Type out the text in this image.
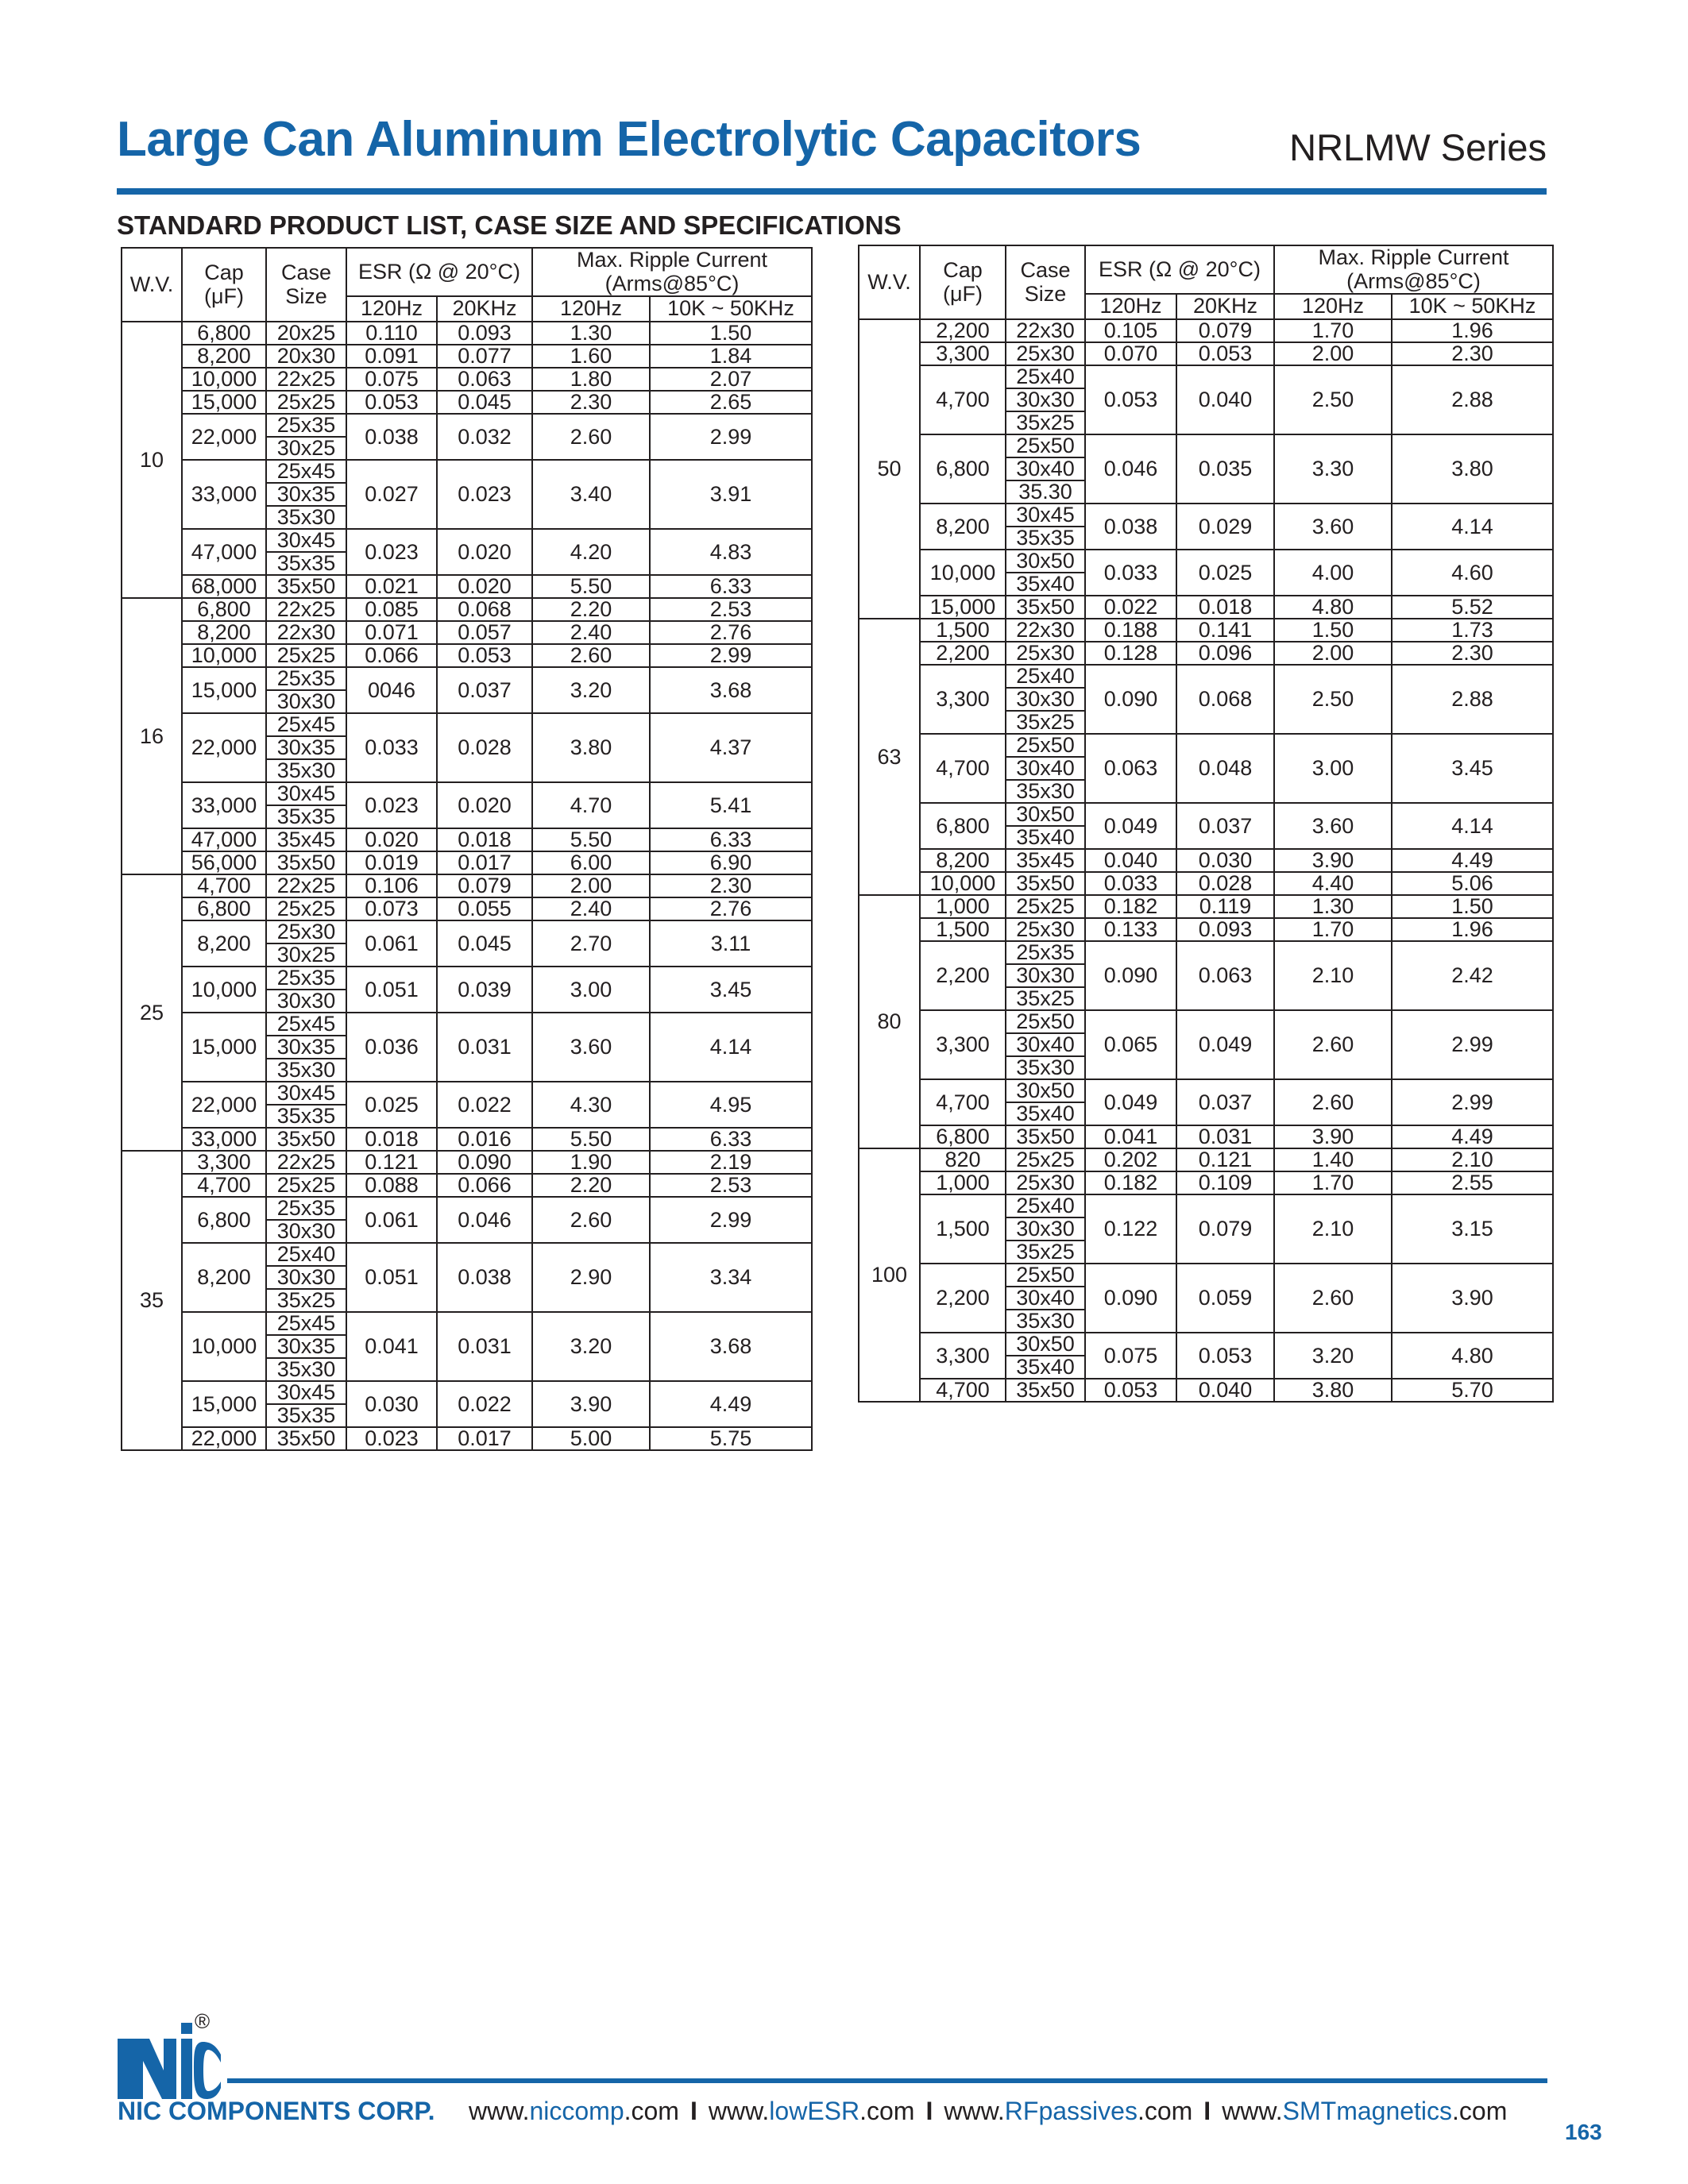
Large Can Aluminum Electrolytic Capacitors	NRLMW Series
STANDARD PRODUCT LIST, CASE SIZE AND SPECIFICATIONS
W.V.	Cap
(μF)	Case
Size	ESR (Ω @ 20°C)		Max. Ripple Current
(Arms@85°C)	
			120Hz	20KHz	120Hz	10K ~ 50KHz
10	6,800	20x25	0.110	0.093	1.30	1.50
	8,200	20x30	0.091	0.077	1.60	1.84
	10,000	22x25	0.075	0.063	1.80	2.07
	15,000	25x25	0.053	0.045	2.30	2.65
	22,000	25x35	0.038	0.032	2.60	2.99
		30x25				
	33,000	25x45	0.027	0.023	3.40	3.91
		30x35				
		35x30				
	47,000	30x45	0.023	0.020	4.20	4.83
		35x35				
	68,000	35x50	0.021	0.020	5.50	6.33
16	6,800	22x25	0.085	0.068	2.20	2.53
	8,200	22x30	0.071	0.057	2.40	2.76
	10,000	25x25	0.066	0.053	2.60	2.99
	15,000	25x35	0046	0.037	3.20	3.68
		30x30				
	22,000	25x45	0.033	0.028	3.80	4.37
		30x35				
		35x30				
	33,000	30x45	0.023	0.020	4.70	5.41
		35x35				
	47,000	35x45	0.020	0.018	5.50	6.33
	56,000	35x50	0.019	0.017	6.00	6.90
25	4,700	22x25	0.106	0.079	2.00	2.30
	6,800	25x25	0.073	0.055	2.40	2.76
	8,200	25x30	0.061	0.045	2.70	3.11
		30x25				
	10,000	25x35	0.051	0.039	3.00	3.45
		30x30				
	15,000	25x45	0.036	0.031	3.60	4.14
		30x35				
		35x30				
	22,000	30x45	0.025	0.022	4.30	4.95
		35x35				
	33,000	35x50	0.018	0.016	5.50	6.33
35	3,300	22x25	0.121	0.090	1.90	2.19
	4,700	25x25	0.088	0.066	2.20	2.53
	6,800	25x35	0.061	0.046	2.60	2.99
		30x30				
	8,200	25x40	0.051	0.038	2.90	3.34
		30x30				
		35x25				
	10,000	25x45	0.041	0.031	3.20	3.68
		30x35				
		35x30				
	15,000	30x45	0.030	0.022	3.90	4.49
		35x35				
	22,000	35x50	0.023	0.017	5.00	5.75
W.V.	Cap
(μF)	Case
Size	ESR (Ω @ 20°C)		Max. Ripple Current
(Arms@85°C)	
			120Hz	20KHz	120Hz	10K ~ 50KHz
50	2,200	22x30	0.105	0.079	1.70	1.96
	3,300	25x30	0.070	0.053	2.00	2.30
	4,700	25x40	0.053	0.040	2.50	2.88
		30x30				
		35x25				
	6,800	25x50	0.046	0.035	3.30	3.80
		30x40				
		35.30				
	8,200	30x45	0.038	0.029	3.60	4.14
		35x35				
	10,000	30x50	0.033	0.025	4.00	4.60
		35x40				
	15,000	35x50	0.022	0.018	4.80	5.52
63	1,500	22x30	0.188	0.141	1.50	1.73
	2,200	25x30	0.128	0.096	2.00	2.30
	3,300	25x40	0.090	0.068	2.50	2.88
		30x30				
		35x25				
	4,700	25x50	0.063	0.048	3.00	3.45
		30x40				
		35x30				
	6,800	30x50	0.049	0.037	3.60	4.14
		35x40				
	8,200	35x45	0.040	0.030	3.90	4.49
	10,000	35x50	0.033	0.028	4.40	5.06
80	1,000	25x25	0.182	0.119	1.30	1.50
	1,500	25x30	0.133	0.093	1.70	1.96
	2,200	25x35	0.090	0.063	2.10	2.42
		30x30				
		35x25				
	3,300	25x50	0.065	0.049	2.60	2.99
		30x40				
		35x30				
	4,700	30x50	0.049	0.037	2.60	2.99
		35x40				
	6,800	35x50	0.041	0.031	3.90	4.49
100	820	25x25	0.202	0.121	1.40	2.10
	1,000	25x30	0.182	0.109	1.70	2.55
	1,500	25x40	0.122	0.079	2.10	3.15
		30x30				
		35x25				
	2,200	25x50	0.090	0.059	2.60	3.90
		30x40				
		35x30				
	3,300	30x50	0.075	0.053	3.20	4.80
		35x40				
	4,700	35x50	0.053	0.040	3.80	5.70
®
NIC COMPONENTS CORP. www.niccomp.com I www.lowESR.com I www.RFpassives.com I www.SMTmagnetics.com
163
